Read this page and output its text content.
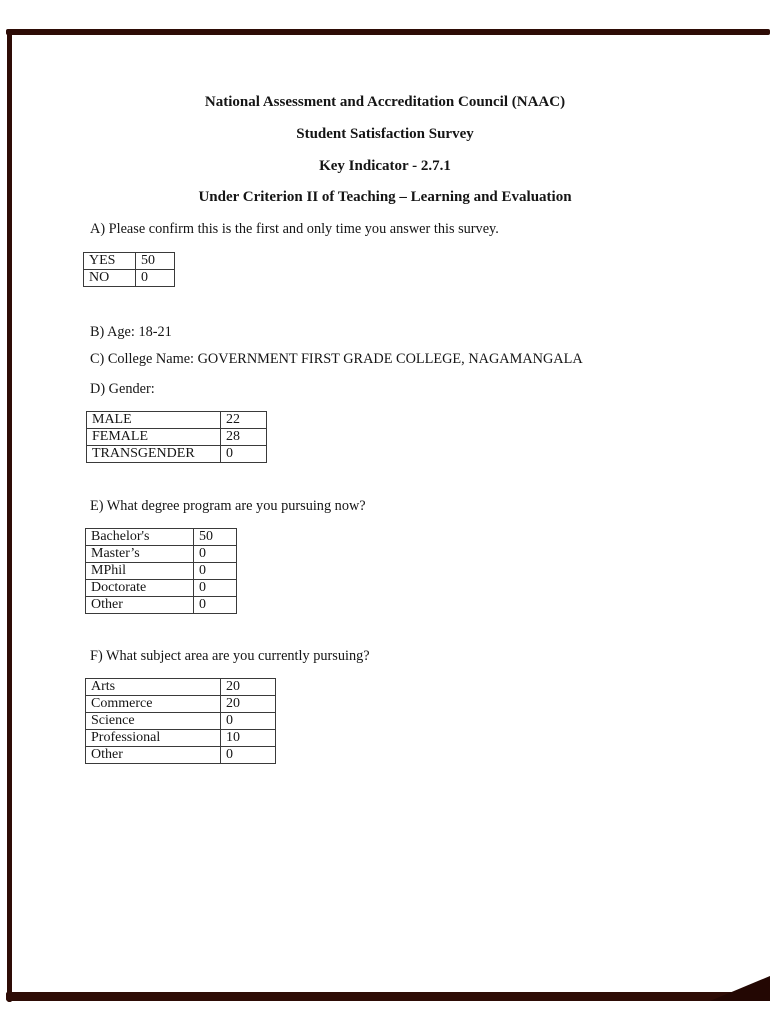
National Assessment and Accreditation Council (NAAC)
Student Satisfaction Survey
Key Indicator - 2.7.1
Under Criterion II of Teaching – Learning and Evaluation
A) Please confirm this is the first and only time you answer this survey.
YES	50
NO	0
B) Age: 18-21
C) College Name: GOVERNMENT FIRST GRADE COLLEGE, NAGAMANGALA
D) Gender:
MALE	22
FEMALE	28
TRANSGENDER	0
E) What degree program are you pursuing now?
Bachelor's	50
Master’s	0
MPhil	0
Doctorate	0
Other	0
F) What subject area are you currently pursuing?
Arts	20
Commerce	20
Science	0
Professional	10
Other	0
